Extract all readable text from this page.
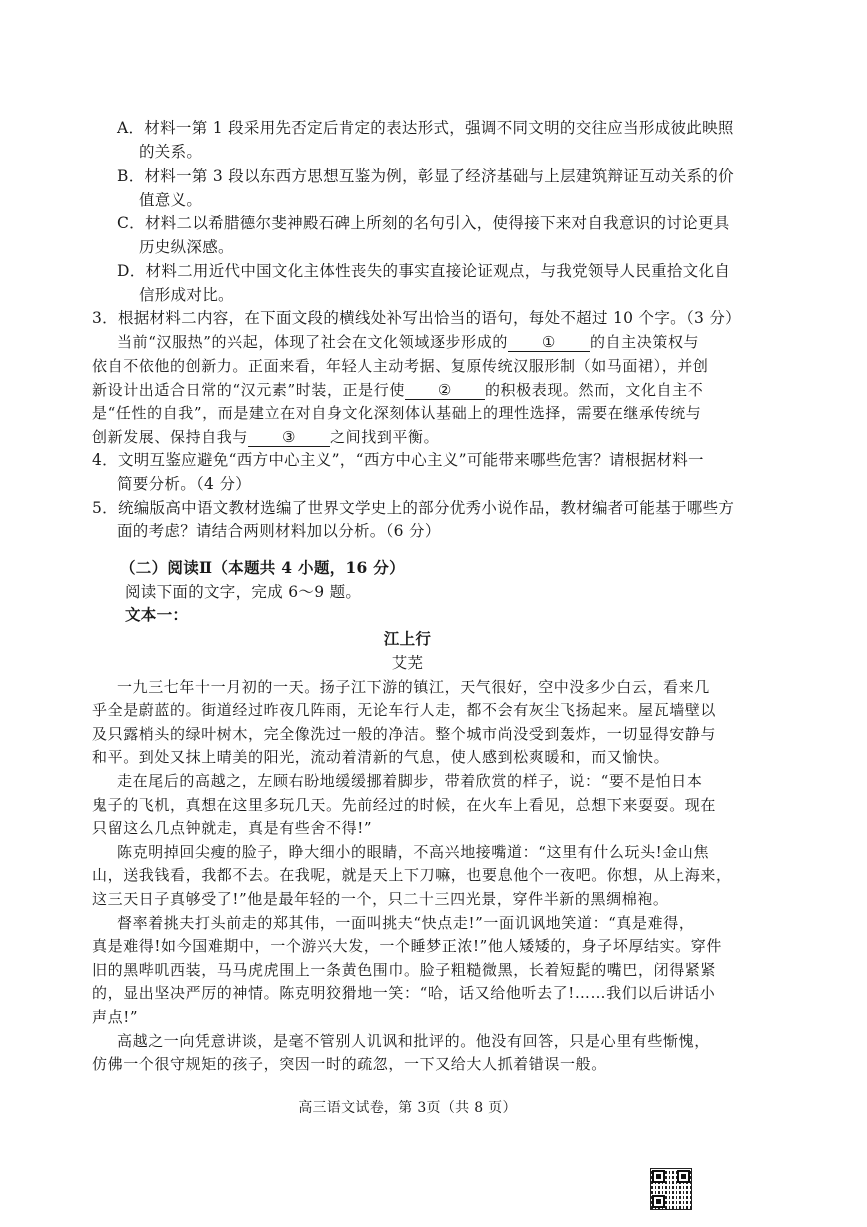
A．材料一第 1 段采用先否定后肯定的表达形式，强调不同文明的交往应当形成彼此映照
的关系。
B．材料一第 3 段以东西方思想互鉴为例，彰显了经济基础与上层建筑辩证互动关系的价
值意义。
C．材料二以希腊德尔斐神殿石碑上所刻的名句引入，使得接下来对自我意识的讨论更具
历史纵深感。
D．材料二用近代中国文化主体性丧失的事实直接论证观点，与我党领导人民重拾文化自
信形成对比。
3．根据材料二内容，在下面文段的横线处补写出恰当的语句，每处不超过 10 个字。（3 分）
当前“汉服热”的兴起，体现了社会在文化领域逐步形成的 ① 的自主决策权与
依自不依他的创新力。正面来看，年轻人主动考据、复原传统汉服形制（如马面裙），并创
新设计出适合日常的“汉元素”时装，正是行使 ② 的积极表现。然而，文化自主不
是“任性的自我”，而是建立在对自身文化深刻体认基础上的理性选择，需要在继承传统与
创新发展、保持自我与 ③ 之间找到平衡。
4．文明互鉴应避免“西方中心主义”，“西方中心主义”可能带来哪些危害？请根据材料一
简要分析。（4 分）
5．统编版高中语文教材选编了世界文学史上的部分优秀小说作品，教材编者可能基于哪些方
面的考虑？请结合两则材料加以分析。（6 分）
（二）阅读Ⅱ（本题共 4 小题，16 分）
阅读下面的文字，完成 6～9 题。
文本一：
江上行
艾芜
一九三七年十一月初的一天。扬子江下游的镇江，天气很好，空中没多少白云，看来几
乎全是蔚蓝的。街道经过昨夜几阵雨，无论车行人走，都不会有灰尘飞扬起来。屋瓦墙壁以
及只露梢头的绿叶树木，完全像洗过一般的净洁。整个城市尚没受到轰炸，一切显得安静与
和平。到处又抹上晴美的阳光，流动着清新的气息，使人感到松爽暖和，而又愉快。
走在尾后的高越之，左顾右盼地缓缓挪着脚步，带着欣赏的样子，说：“要不是怕日本
鬼子的飞机，真想在这里多玩几天。先前经过的时候，在火车上看见，总想下来耍耍。现在
只留这么几点钟就走，真是有些舍不得!”
陈克明掉回尖瘦的脸子，睁大细小的眼睛，不高兴地接嘴道：“这里有什么玩头!金山焦
山，送我钱看，我都不去。在我呢，就是天上下刀嘛，也要息他个一夜吧。你想，从上海来，
这三天日子真够受了!”他是最年轻的一个，只二十三四光景，穿件半新的黑绸棉袍。
督率着挑夫打头前走的郑其伟，一面叫挑夫“快点走!”一面讥讽地笑道：“真是难得，
真是难得!如今国难期中，一个游兴大发，一个睡梦正浓!”他人矮矮的，身子坏厚结实。穿件
旧的黑哔叽西装，马马虎虎围上一条黄色围巾。脸子粗糙微黑，长着短髭的嘴巴，闭得紧紧
的，显出坚决严厉的神情。陈克明狡猾地一笑：“哈，话又给他听去了!……我们以后讲话小
声点!”
高越之一向凭意讲谈，是毫不管别人讥讽和批评的。他没有回答，只是心里有些惭愧，
仿佛一个很守规矩的孩子，突因一时的疏忽，一下又给大人抓着错误一般。
高三语文试卷，第 3页（共 8 页）
